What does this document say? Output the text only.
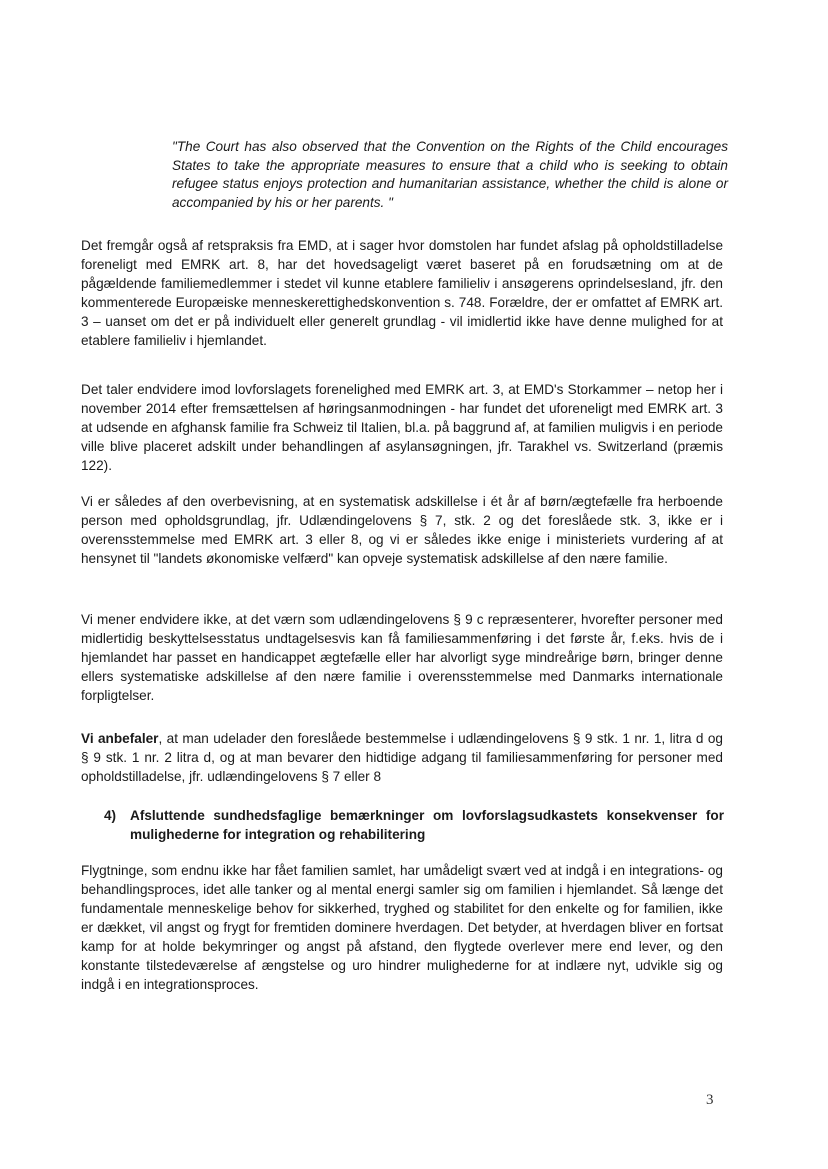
"The Court has also observed that the Convention on the Rights of the Child encourages States to take the appropriate measures to ensure that a child who is seeking to obtain refugee status enjoys protection and humanitarian assistance, whether the child is alone or accompanied by his or her parents. "

Det fremgår også af retspraksis fra EMD, at i sager hvor domstolen har fundet afslag på opholdstilladelse foreneligt med EMRK art. 8, har det hovedsageligt været baseret på en forudsætning om at de pågældende familiemedlemmer i stedet vil kunne etablere familieliv i ansøgerens oprindelsesland, jfr. den kommenterede Europæiske menneskerettighedskonvention s. 748. Forældre, der er omfattet af EMRK art. 3 – uanset om det er på individuelt eller generelt grundlag - vil imidlertid ikke have denne mulighed for at etablere familieliv i hjemlandet.

Det taler endvidere imod lovforslagets forenelighed med EMRK art. 3, at EMD's Storkammer – netop her i november 2014 efter fremsættelsen af høringsanmodningen - har fundet det uforeneligt med EMRK art. 3 at udsende en afghansk familie fra Schweiz til Italien, bl.a. på baggrund af, at familien muligvis i en periode ville blive placeret adskilt under behandlingen af asylansøgningen, jfr. Tarakhel vs. Switzerland (præmis 122).

Vi er således af den overbevisning, at en systematisk adskillelse i ét år af børn/ægtefælle fra herboende person med opholdsgrundlag, jfr. Udlændingelovens § 7, stk. 2 og det foreslåede stk. 3, ikke er i overensstemmelse med EMRK art. 3 eller 8, og vi er således ikke enige i ministeriets vurdering af at hensynet til "landets økonomiske velfærd" kan opveje systematisk adskillelse af den nære familie.

Vi mener endvidere ikke, at det værn som udlændingelovens § 9 c repræsenterer, hvorefter personer med midlertidig beskyttelsesstatus undtagelsesvis kan få familiesammenføring i det første år, f.eks. hvis de i hjemlandet har passet en handicappet ægtefælle eller har alvorligt syge mindreårige børn, bringer denne ellers systematiske adskillelse af den nære familie i overensstemmelse med Danmarks internationale forpligtelser.

Vi anbefaler, at man udelader den foreslåede bestemmelse i udlændingelovens § 9 stk. 1 nr. 1, litra d og § 9 stk. 1 nr. 2 litra d, og at man bevarer den hidtidige adgang til familiesammenføring for personer med opholdstilladelse, jfr. udlændingelovens § 7 eller 8

4)	Afsluttende sundhedsfaglige bemærkninger om lovforslagsudkastets konsekvenser for mulighederne for integration og rehabilitering

Flygtninge, som endnu ikke har fået familien samlet, har umådeligt svært ved at indgå i en integrations- og behandlingsproces, idet alle tanker og al mental energi samler sig om familien i hjemlandet. Så længe det fundamentale menneskelige behov for sikkerhed, tryghed og stabilitet for den enkelte og for familien, ikke er dækket, vil angst og frygt for fremtiden dominere hverdagen. Det betyder, at hverdagen bliver en fortsat kamp for at holde bekymringer og angst på afstand, den flygtede overlever mere end lever, og den konstante tilstedeværelse af ængstelse og uro hindrer mulighederne for at indlære nyt, udvikle sig og indgå i en integrationsproces.

3
